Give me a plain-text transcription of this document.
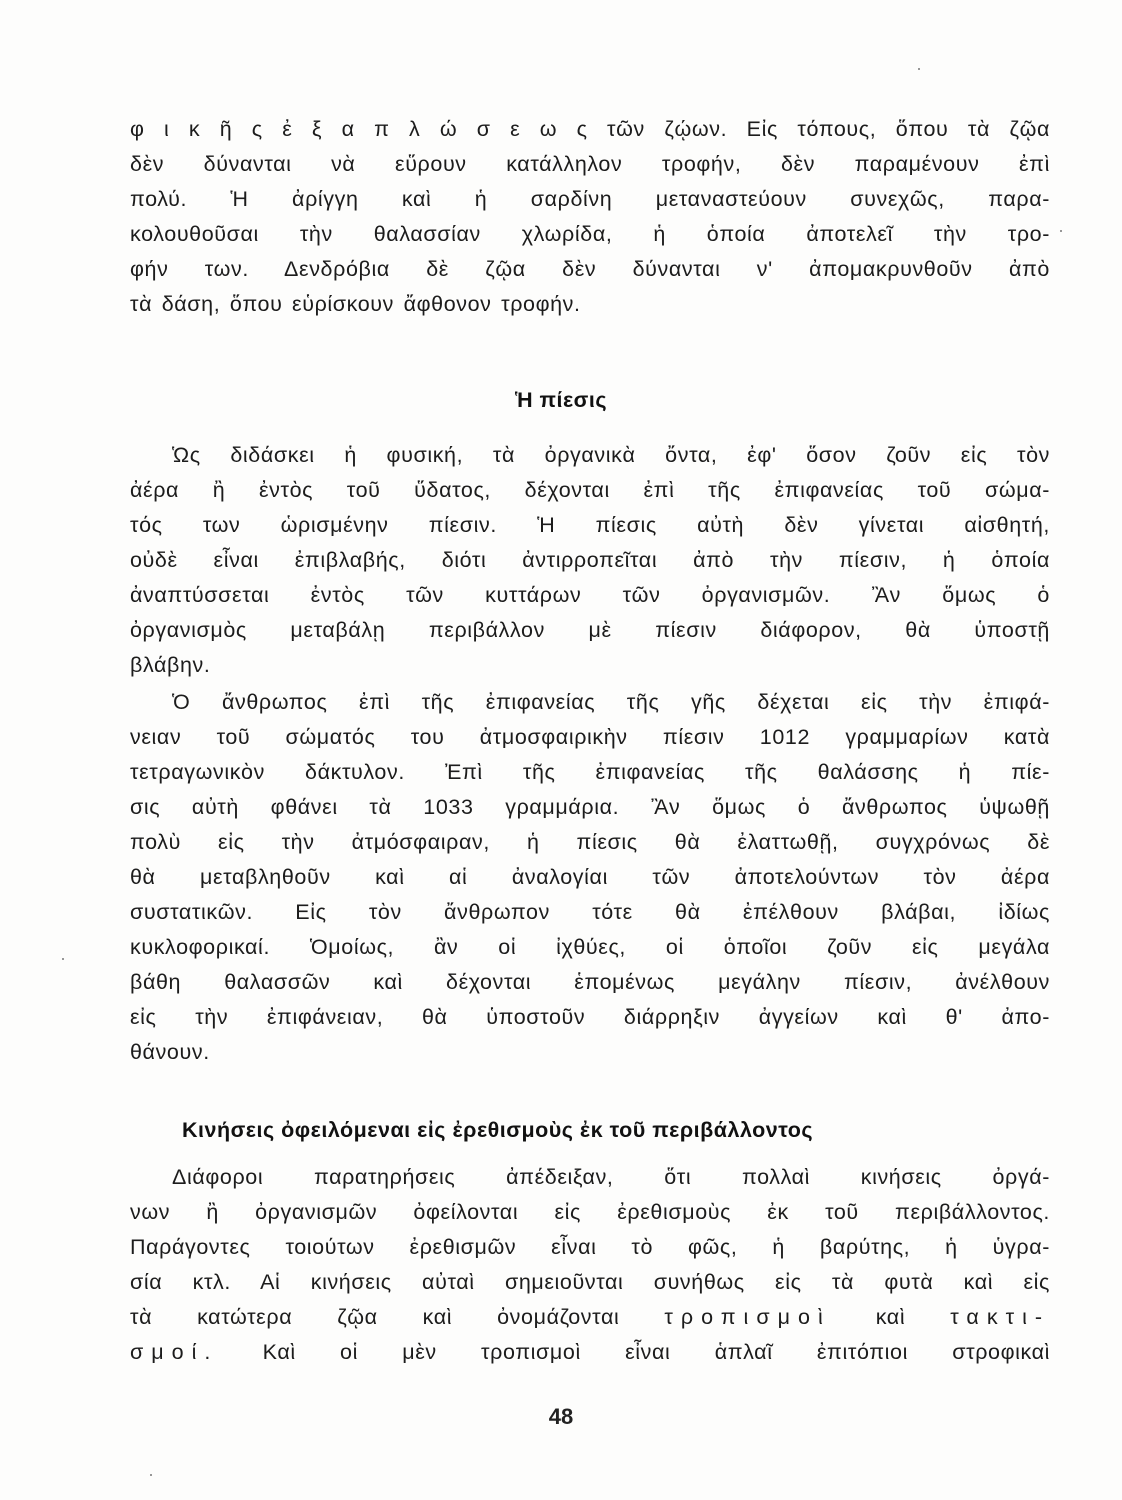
φ ι κ ῆ ς ἐ ξ α π λ ώ σ ε ω ς τῶν ζῴων. Εἰς τόπους, ὅπου τὰ ζῷα
δὲν δύνανται νὰ εὕρουν κατάλληλον τροφήν, δὲν παραμένουν ἐπὶ
πολύ. Ἡ ἀρίγγη καὶ ἡ σαρδίνη μεταναστεύουν συνεχῶς, παρα-
κολουθοῦσαι τὴν θαλασσίαν χλωρίδα, ἡ ὁποία ἀποτελεῖ τὴν τρο-
φήν των. Δενδρόβια δὲ ζῷα δὲν δύνανται ν' ἀπομακρυνθοῦν ἀπὸ
τὰ δάση, ὅπου εὑρίσκουν ἄφθονον τροφήν.
Ἡ πίεσις
Ὡς διδάσκει ἡ φυσική, τὰ ὀργανικὰ ὄντα, ἐφ' ὅσον ζοῦν εἰς τὸν
ἀέρα ἢ ἐντὸς τοῦ ὕδατος, δέχονται ἐπὶ τῆς ἐπιφανείας τοῦ σώμα-
τός των ὡρισμένην πίεσιν. Ἡ πίεσις αὐτὴ δὲν γίνεται αἰσθητή,
οὐδὲ εἶναι ἐπιβλαβής, διότι ἀντιρροπεῖται ἀπὸ τὴν πίεσιν, ἡ ὁποία
ἀναπτύσσεται ἐντὸς τῶν κυττάρων τῶν ὀργανισμῶν. Ἂν ὅμως ὁ
ὀργανισμὸς μεταβάλῃ περιβάλλον μὲ πίεσιν διάφορον, θὰ ὑποστῇ
βλάβην.
Ὁ ἄνθρωπος ἐπὶ τῆς ἐπιφανείας τῆς γῆς δέχεται εἰς τὴν ἐπιφά-
νειαν τοῦ σώματός του ἀτμοσφαιρικὴν πίεσιν 1012 γραμμαρίων κατὰ
τετραγωνικὸν δάκτυλον. Ἐπὶ τῆς ἐπιφανείας τῆς θαλάσσης ἡ πίε-
σις αὐτὴ φθάνει τὰ 1033 γραμμάρια. Ἂν ὅμως ὁ ἄνθρωπος ὑψωθῇ
πολὺ εἰς τὴν ἀτμόσφαιραν, ἡ πίεσις θὰ ἐλαττωθῇ, συγχρόνως δὲ
θὰ μεταβληθοῦν καὶ αἱ ἀναλογίαι τῶν ἀποτελούντων τὸν ἀέρα
συστατικῶν. Εἰς τὸν ἄνθρωπον τότε θὰ ἐπέλθουν βλάβαι, ἰδίως
κυκλοφορικαί. Ὁμοίως, ἂν οἱ ἰχθύες, οἱ ὁποῖοι ζοῦν εἰς μεγάλα
βάθη θαλασσῶν καὶ δέχονται ἑπομένως μεγάλην πίεσιν, ἀνέλθουν
εἰς τὴν ἐπιφάνειαν, θὰ ὑποστοῦν διάρρηξιν ἀγγείων καὶ θ' ἀπο-
θάνουν.
Κινήσεις ὀφειλόμεναι εἰς ἐρεθισμοὺς ἐκ τοῦ περιβάλλοντος
Διάφοροι παρατηρήσεις ἀπέδειξαν, ὅτι πολλαὶ κινήσεις ὀργά-
νων ἢ ὀργανισμῶν ὀφείλονται εἰς ἐρεθισμοὺς ἐκ τοῦ περιβάλλοντος.
Παράγοντες τοιούτων ἐρεθισμῶν εἶναι τὸ φῶς, ἡ βαρύτης, ἡ ὑγρα-
σία κτλ. Αἱ κινήσεις αὐταὶ σημειοῦνται συνήθως εἰς τὰ φυτὰ καὶ εἰς
τὰ κατώτερα ζῷα καὶ ὀνομάζονται τροπισμοὶ καὶ τακτι-
σμοί. Καὶ οἱ μὲν τροπισμοὶ εἶναι ἁπλαῖ ἐπιτόπιοι στροφικαὶ
48
